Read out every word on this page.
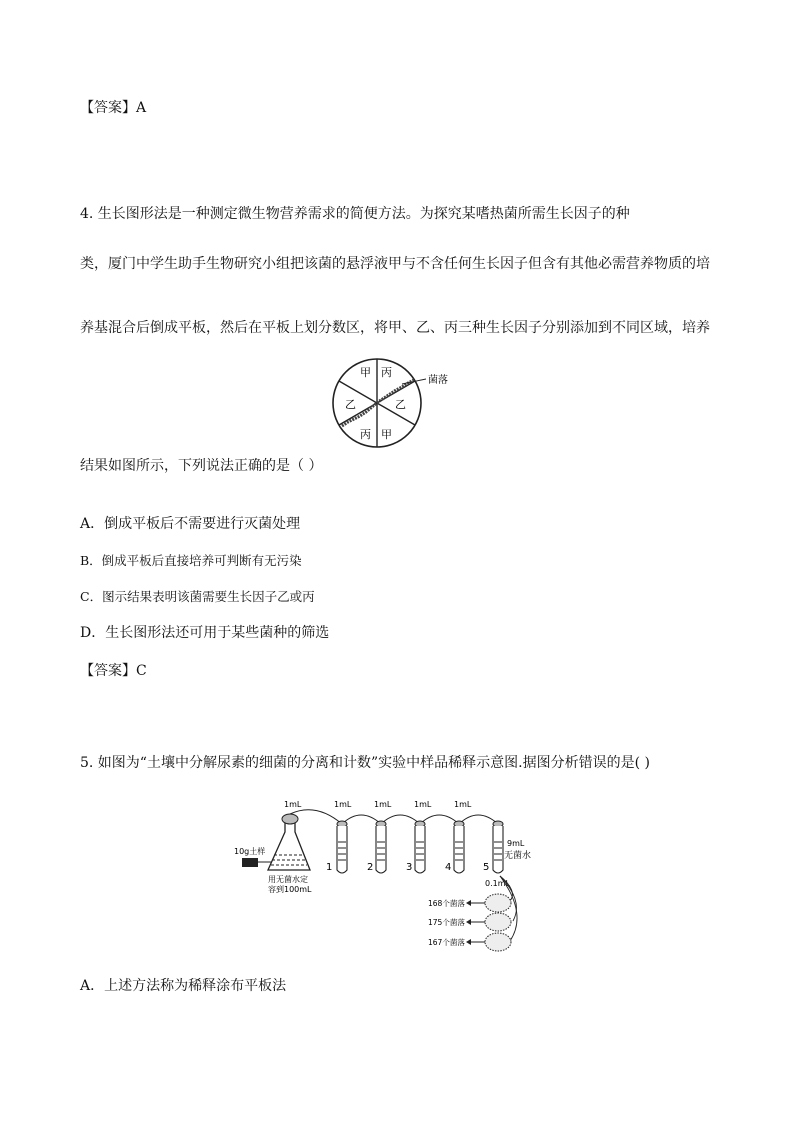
【答案】A
4. 生长图形法是一种测定微生物营养需求的简便方法。为探究某嗜热菌所需生长因子的种
类，厦门中学生助手生物研究小组把该菌的悬浮液甲与不含任何生长因子但含有其他必需营养物质的培
养基混合后倒成平板，然后在平板上划分数区，将甲、乙、丙三种生长因子分别添加到不同区域，培养
甲 丙
乙	乙
丙 甲
菌落
结果如图所示，下列说法正确的是（ ）
A．倒成平板后不需要进行灭菌处理
B．倒成平板后直接培养可判断有无污染
C．图示结果表明该菌需要生长因子乙或丙
D．生长图形法还可用于某些菌种的筛选
【答案】C
5. 如图为“土壤中分解尿素的细菌的分离和计数”实验中样品稀释示意图.据图分析错误的是( )
10g土样
用无菌水定
容到100mL
1mL	1mL	1mL	1mL	1mL
1	2	3	4	5
9mL
无菌水
0.1mL
168个菌落
175个菌落
167个菌落
A．上述方法称为稀释涂布平板法
